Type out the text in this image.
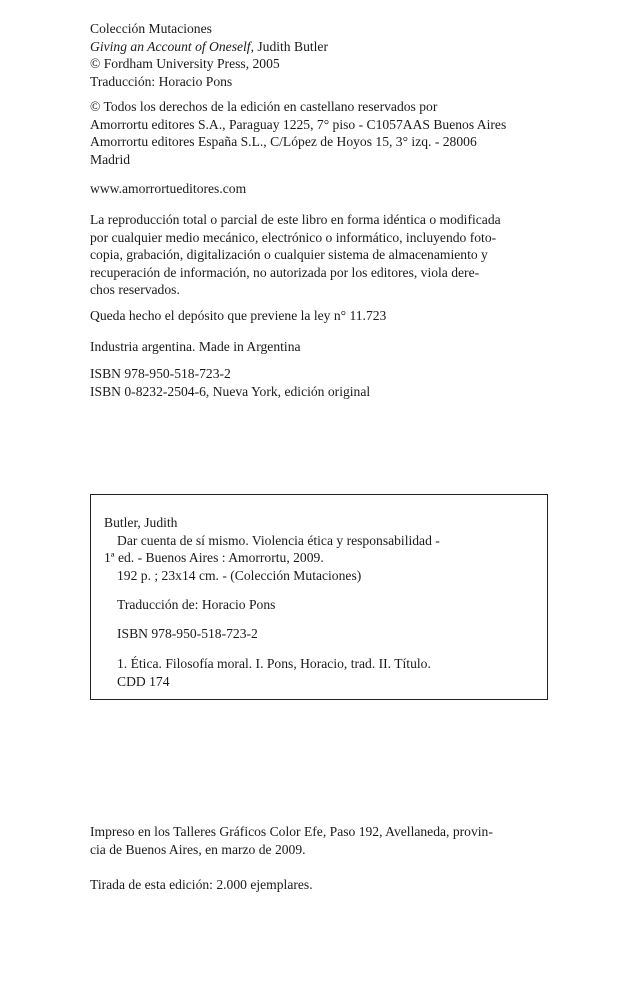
Colección Mutaciones
Giving an Account of Oneself, Judith Butler
© Fordham University Press, 2005
Traducción: Horacio Pons
© Todos los derechos de la edición en castellano reservados por
Amorrortu editores S.A., Paraguay 1225, 7° piso - C1057AAS Buenos Aires
Amorrortu editores España S.L., C/López de Hoyos 15, 3° izq. - 28006
Madrid
www.amorrortueditores.com
La reproducción total o parcial de este libro en forma idéntica o modificada
por cualquier medio mecánico, electrónico o informático, incluyendo foto-
copia, grabación, digitalización o cualquier sistema de almacenamiento y
recuperación de información, no autorizada por los editores, viola dere-
chos reservados.
Queda hecho el depósito que previene la ley n° 11.723
Industria argentina. Made in Argentina
ISBN 978-950-518-723-2
ISBN 0-8232-2504-6, Nueva York, edición original
Butler, Judith
Dar cuenta de sí mismo. Violencia ética y responsabilidad -
1ª ed. - Buenos Aires : Amorrortu, 2009.
192 p. ; 23x14 cm. - (Colección Mutaciones)
Traducción de: Horacio Pons
ISBN 978-950-518-723-2
1. Ética. Filosofía moral. I. Pons, Horacio, trad. II. Título.
CDD 174
Impreso en los Talleres Gráficos Color Efe, Paso 192, Avellaneda, provin-
cia de Buenos Aires, en marzo de 2009.
Tirada de esta edición: 2.000 ejemplares.
